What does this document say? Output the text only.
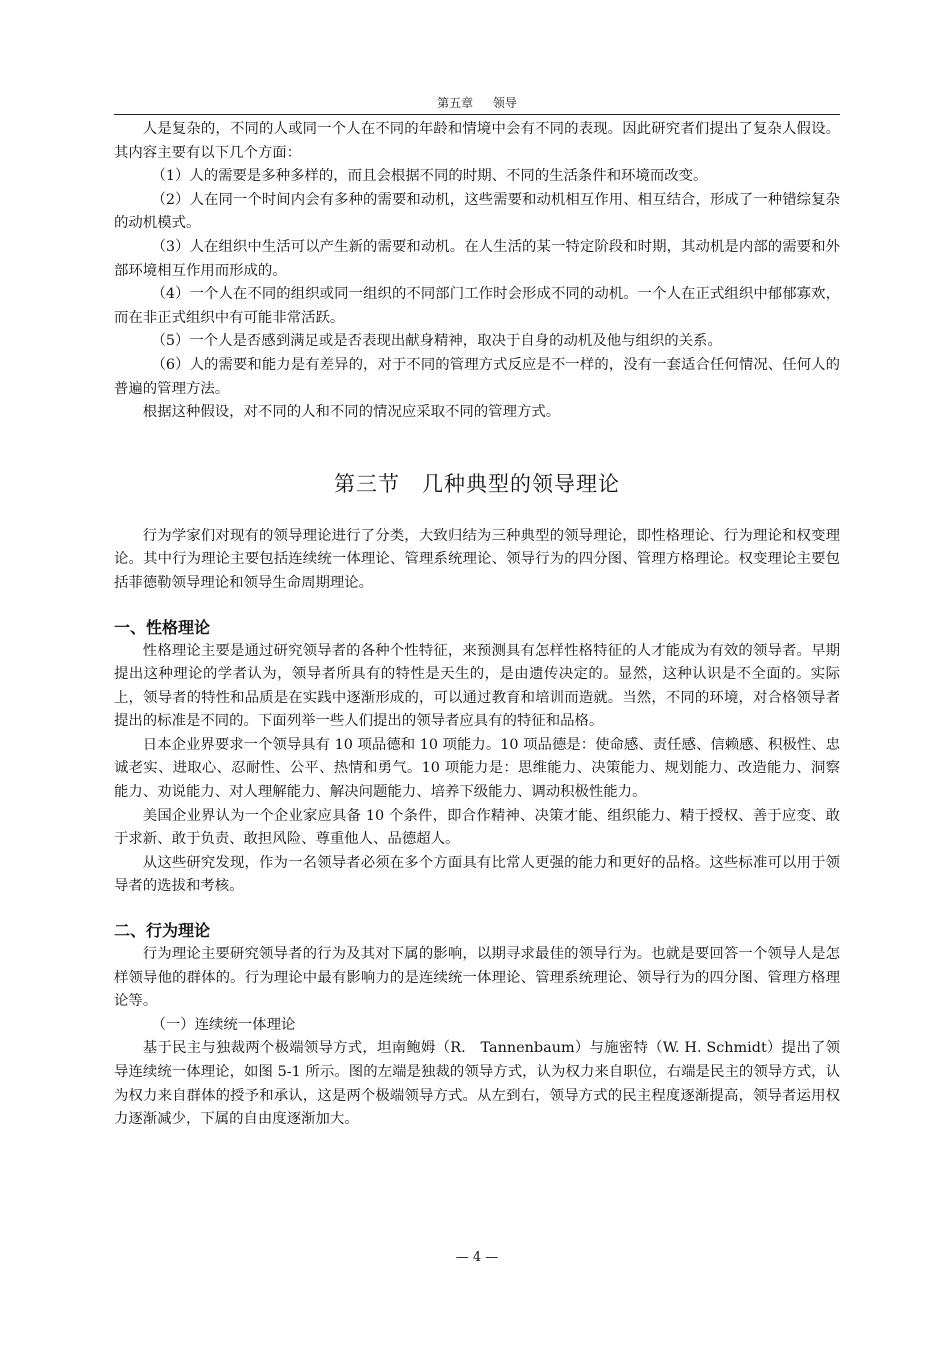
第五章 领导

人是复杂的，不同的人或同一个人在不同的年龄和情境中会有不同的表现。因此研究者们提出了复杂人假设。其内容主要有以下几个方面：

（1）人的需要是多种多样的，而且会根据不同的时期、不同的生活条件和环境而改变。

（2）人在同一个时间内会有多种的需要和动机，这些需要和动机相互作用、相互结合，形成了一种错综复杂的动机模式。

（3）人在组织中生活可以产生新的需要和动机。在人生活的某一特定阶段和时期，其动机是内部的需要和外部环境相互作用而形成的。

（4）一个人在不同的组织或同一组织的不同部门工作时会形成不同的动机。一个人在正式组织中郁郁寡欢，而在非正式组织中有可能非常活跃。

（5）一个人是否感到满足或是否表现出献身精神，取决于自身的动机及他与组织的关系。

（6）人的需要和能力是有差异的，对于不同的管理方式反应是不一样的，没有一套适合任何情况、任何人的普遍的管理方法。

根据这种假设，对不同的人和不同的情况应采取不同的管理方式。

第三节　几种典型的领导理论

行为学家们对现有的领导理论进行了分类，大致归结为三种典型的领导理论，即性格理论、行为理论和权变理论。其中行为理论主要包括连续统一体理论、管理系统理论、领导行为的四分图、管理方格理论。权变理论主要包括菲德勒领导理论和领导生命周期理论。

一、性格理论

性格理论主要是通过研究领导者的各种个性特征，来预测具有怎样性格特征的人才能成为有效的领导者。早期提出这种理论的学者认为，领导者所具有的特性是天生的，是由遗传决定的。显然，这种认识是不全面的。实际上，领导者的特性和品质是在实践中逐渐形成的，可以通过教育和培训而造就。当然，不同的环境，对合格领导者提出的标准是不同的。下面列举一些人们提出的领导者应具有的特征和品格。

日本企业界要求一个领导具有 10 项品德和 10 项能力。10 项品德是：使命感、责任感、信赖感、积极性、忠诚老实、进取心、忍耐性、公平、热情和勇气。10 项能力是：思维能力、决策能力、规划能力、改造能力、洞察能力、劝说能力、对人理解能力、解决问题能力、培养下级能力、调动积极性能力。

美国企业界认为一个企业家应具备 10 个条件，即合作精神、决策才能、组织能力、精于授权、善于应变、敢于求新、敢于负责、敢担风险、尊重他人、品德超人。

从这些研究发现，作为一名领导者必须在多个方面具有比常人更强的能力和更好的品格。这些标准可以用于领导者的选拔和考核。

二、行为理论

行为理论主要研究领导者的行为及其对下属的影响，以期寻求最佳的领导行为。也就是要回答一个领导人是怎样领导他的群体的。行为理论中最有影响力的是连续统一体理论、管理系统理论、领导行为的四分图、管理方格理论等。

（一）连续统一体理论

基于民主与独裁两个极端领导方式，坦南鲍姆（R.　Tannenbaum）与施密特（W. H. Schmidt）提出了领导连续统一体理论，如图 5-1 所示。图的左端是独裁的领导方式，认为权力来自职位，右端是民主的领导方式，认为权力来自群体的授予和承认，这是两个极端领导方式。从左到右，领导方式的民主程度逐渐提高，领导者运用权力逐渐减少，下属的自由度逐渐加大。

— 4 —
